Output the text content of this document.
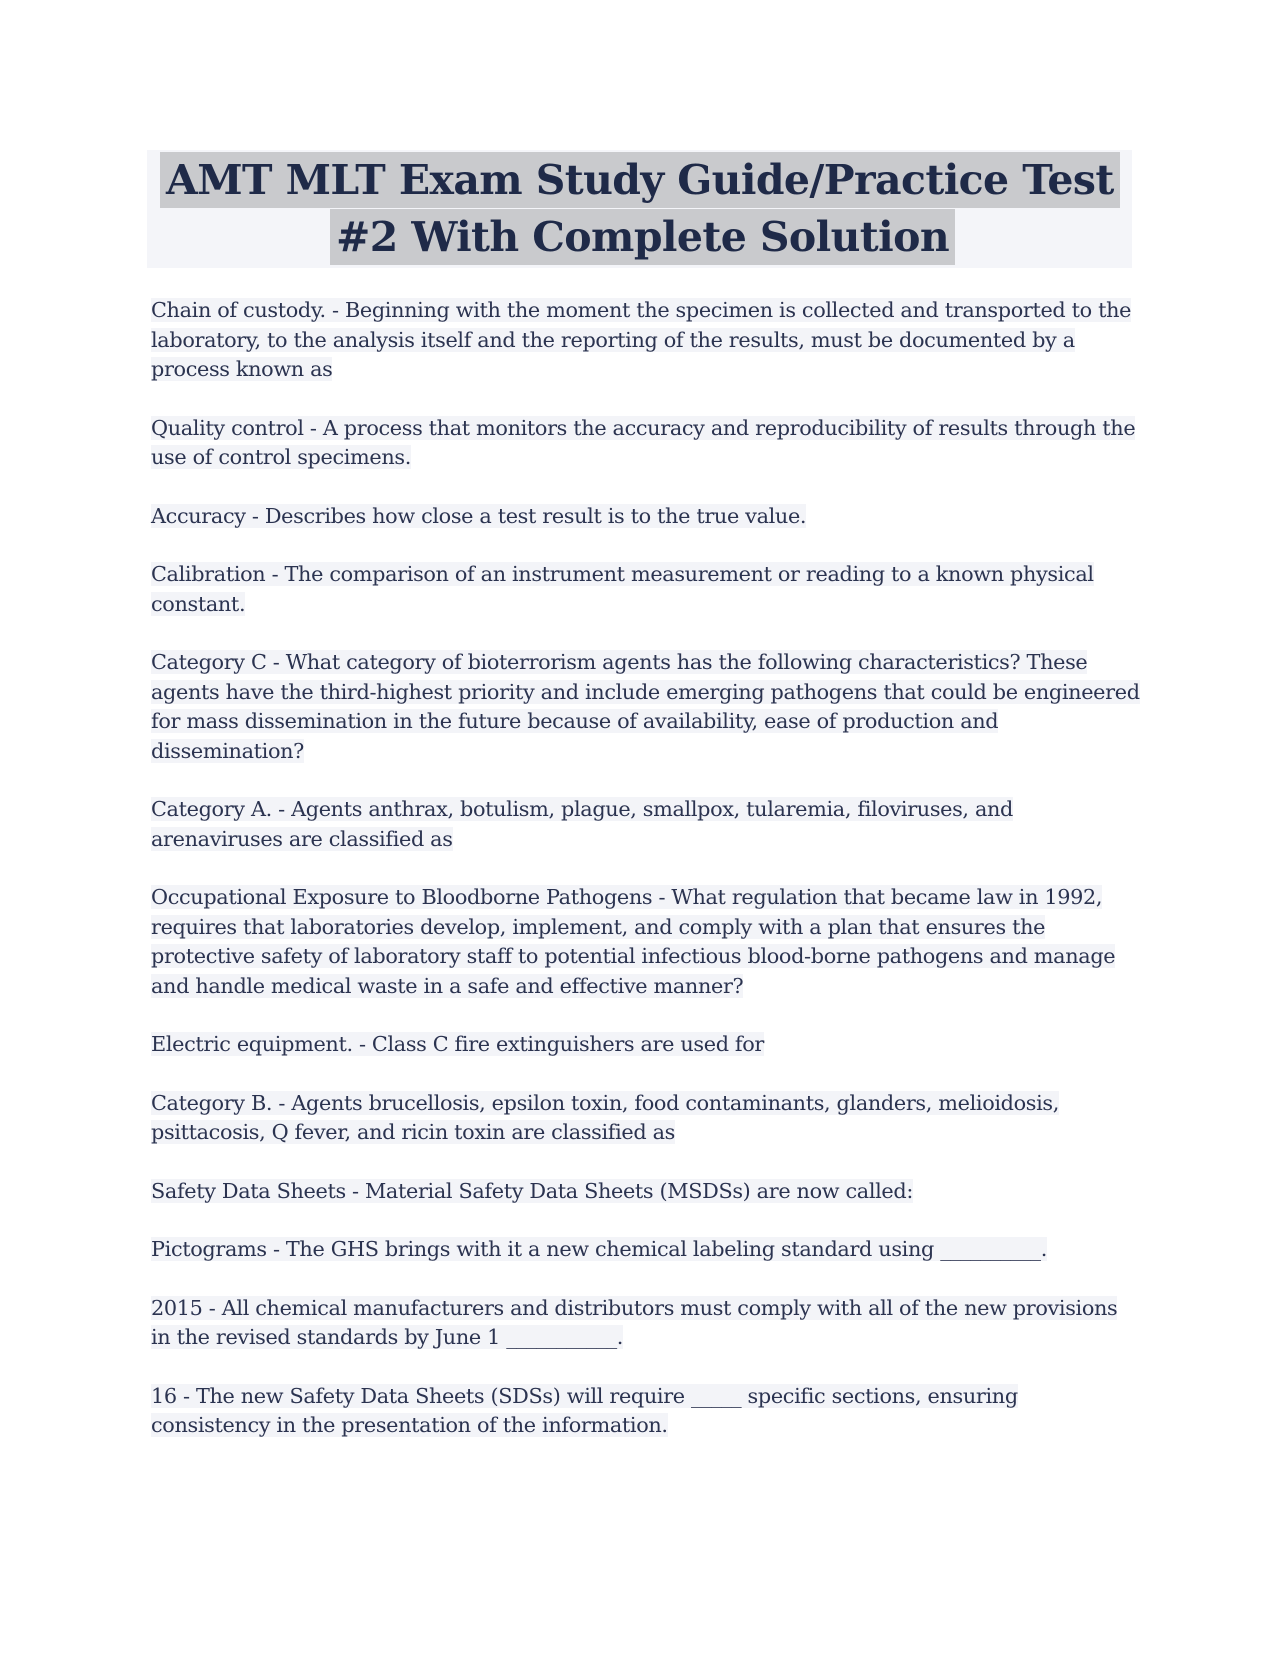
AMT MLT Exam Study Guide/Practice Test
#2 With Complete Solution

Chain of custody. - Beginning with the moment the specimen is collected and transported to the laboratory, to the analysis itself and the reporting of the results, must be documented by a process known as

Quality control - A process that monitors the accuracy and reproducibility of results through the use of control specimens.

Accuracy - Describes how close a test result is to the true value.

Calibration - The comparison of an instrument measurement or reading to a known physical constant.

Category C - What category of bioterrorism agents has the following characteristics? These agents have the third-highest priority and include emerging pathogens that could be engineered for mass dissemination in the future because of availability, ease of production and dissemination?

Category A. - Agents anthrax, botulism, plague, smallpox, tularemia, filoviruses, and arenaviruses are classified as

Occupational Exposure to Bloodborne Pathogens - What regulation that became law in 1992, requires that laboratories develop, implement, and comply with a plan that ensures the protective safety of laboratory staff to potential infectious blood-borne pathogens and manage and handle medical waste in a safe and effective manner?

Electric equipment. - Class C fire extinguishers are used for

Category B. - Agents brucellosis, epsilon toxin, food contaminants, glanders, melioidosis, psittacosis, Q fever, and ricin toxin are classified as

Safety Data Sheets - Material Safety Data Sheets (MSDSs) are now called:

Pictograms - The GHS brings with it a new chemical labeling standard using __________.

2015 - All chemical manufacturers and distributors must comply with all of the new provisions in the revised standards by June 1 ___________.

16 - The new Safety Data Sheets (SDSs) will require _____ specific sections, ensuring consistency in the presentation of the information.
